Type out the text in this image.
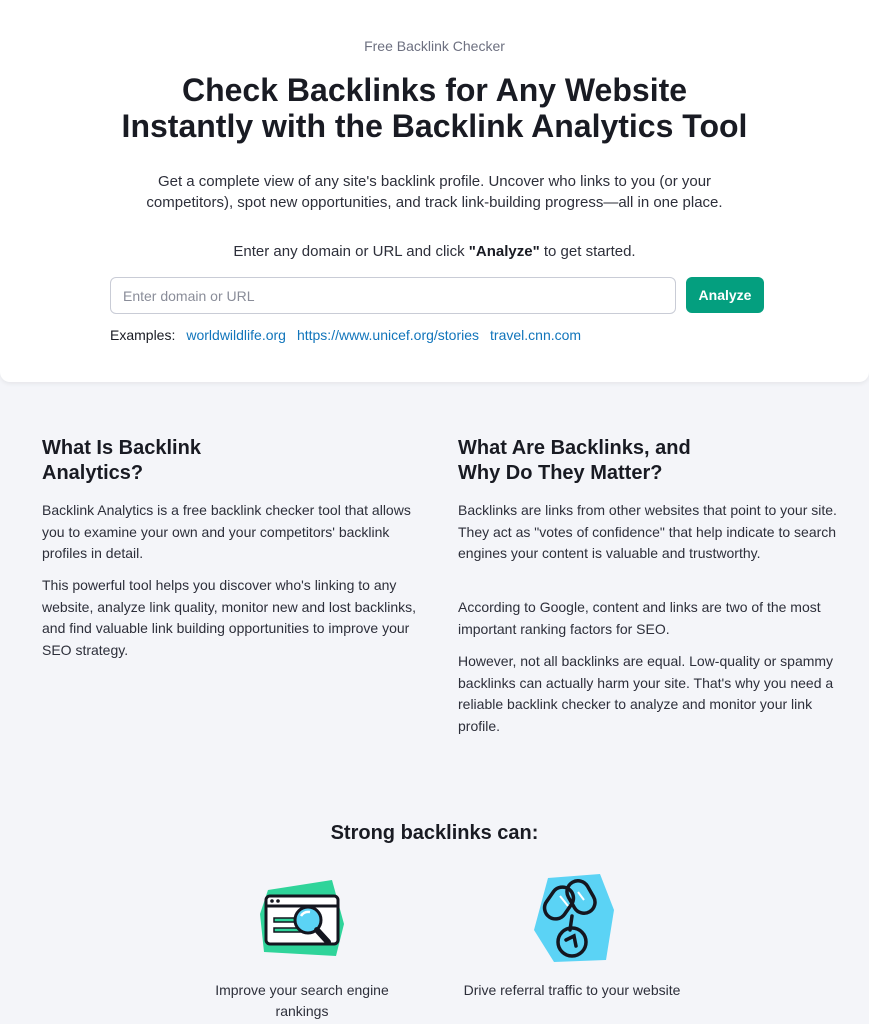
Free Backlink Checker
Check Backlinks for Any Website
Instantly with the Backlink Analytics Tool

Get a complete view of any site's backlink profile. Uncover who links to you (or your competitors), spot new opportunities, and track link-building progress—all in one place.

Enter any domain or URL and click "Analyze" to get started.

Enter domain or URL
Analyze
Examples: worldwildlife.org https://www.unicef.org/stories travel.cnn.com
What Is Backlink
Analytics?

Backlink Analytics is a free backlink checker tool that allows you to examine your own and your competitors' backlink profiles in detail.

This powerful tool helps you discover who's linking to any website, analyze link quality, monitor new and lost backlinks, and find valuable link building opportunities to improve your SEO strategy.

What Are Backlinks, and
Why Do They Matter?

Backlinks are links from other websites that point to your site. They act as "votes of confidence" that help indicate to search engines your content is valuable and trustworthy.

According to Google, content and links are two of the most important ranking factors for SEO.

However, not all backlinks are equal. Low-quality or spammy backlinks can actually harm your site. That's why you need a reliable backlink checker to analyze and monitor your link profile.

Strong backlinks can:
Improve your search engine rankings
Drive referral traffic to your website
